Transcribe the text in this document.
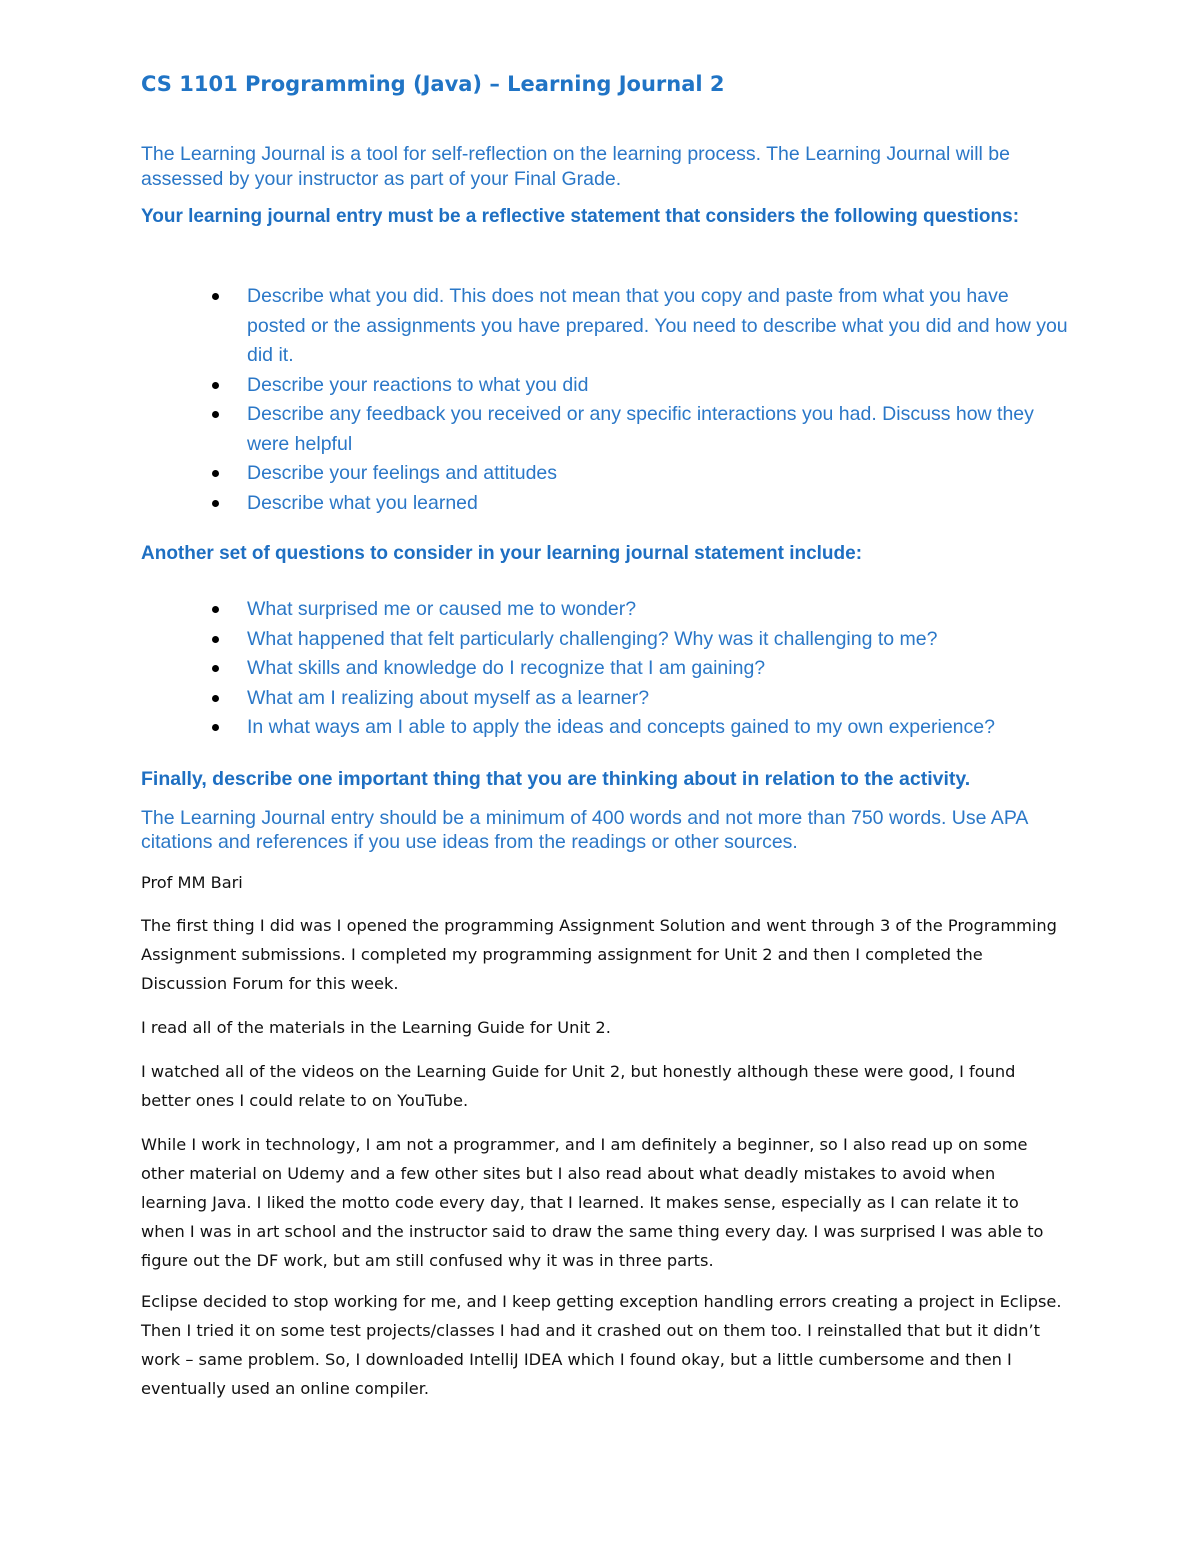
CS 1101 Programming (Java) – Learning Journal 2

The Learning Journal is a tool for self-reflection on the learning process. The Learning Journal will be assessed by your instructor as part of your Final Grade.

Your learning journal entry must be a reflective statement that considers the following questions:

Describe what you did. This does not mean that you copy and paste from what you have posted or the assignments you have prepared. You need to describe what you did and how you did it.
Describe your reactions to what you did
Describe any feedback you received or any specific interactions you had. Discuss how they were helpful
Describe your feelings and attitudes
Describe what you learned

Another set of questions to consider in your learning journal statement include:

What surprised me or caused me to wonder?
What happened that felt particularly challenging? Why was it challenging to me?
What skills and knowledge do I recognize that I am gaining?
What am I realizing about myself as a learner?
In what ways am I able to apply the ideas and concepts gained to my own experience?

Finally, describe one important thing that you are thinking about in relation to the activity.

The Learning Journal entry should be a minimum of 400 words and not more than 750 words. Use APA citations and references if you use ideas from the readings or other sources.

Prof MM Bari

The first thing I did was I opened the programming Assignment Solution and went through 3 of the Programming Assignment submissions. I completed my programming assignment for Unit 2 and then I completed the Discussion Forum for this week.

I read all of the materials in the Learning Guide for Unit 2.

I watched all of the videos on the Learning Guide for Unit 2, but honestly although these were good, I found better ones I could relate to on YouTube.

While I work in technology, I am not a programmer, and I am definitely a beginner, so I also read up on some other material on Udemy and a few other sites but I also read about what deadly mistakes to avoid when learning Java. I liked the motto code every day, that I learned. It makes sense, especially as I can relate it to when I was in art school and the instructor said to draw the same thing every day. I was surprised I was able to figure out the DF work, but am still confused why it was in three parts.

Eclipse decided to stop working for me, and I keep getting exception handling errors creating a project in Eclipse. Then I tried it on some test projects/classes I had and it crashed out on them too. I reinstalled that but it didn’t work – same problem. So, I downloaded IntelliJ IDEA which I found okay, but a little cumbersome and then I eventually used an online compiler.
